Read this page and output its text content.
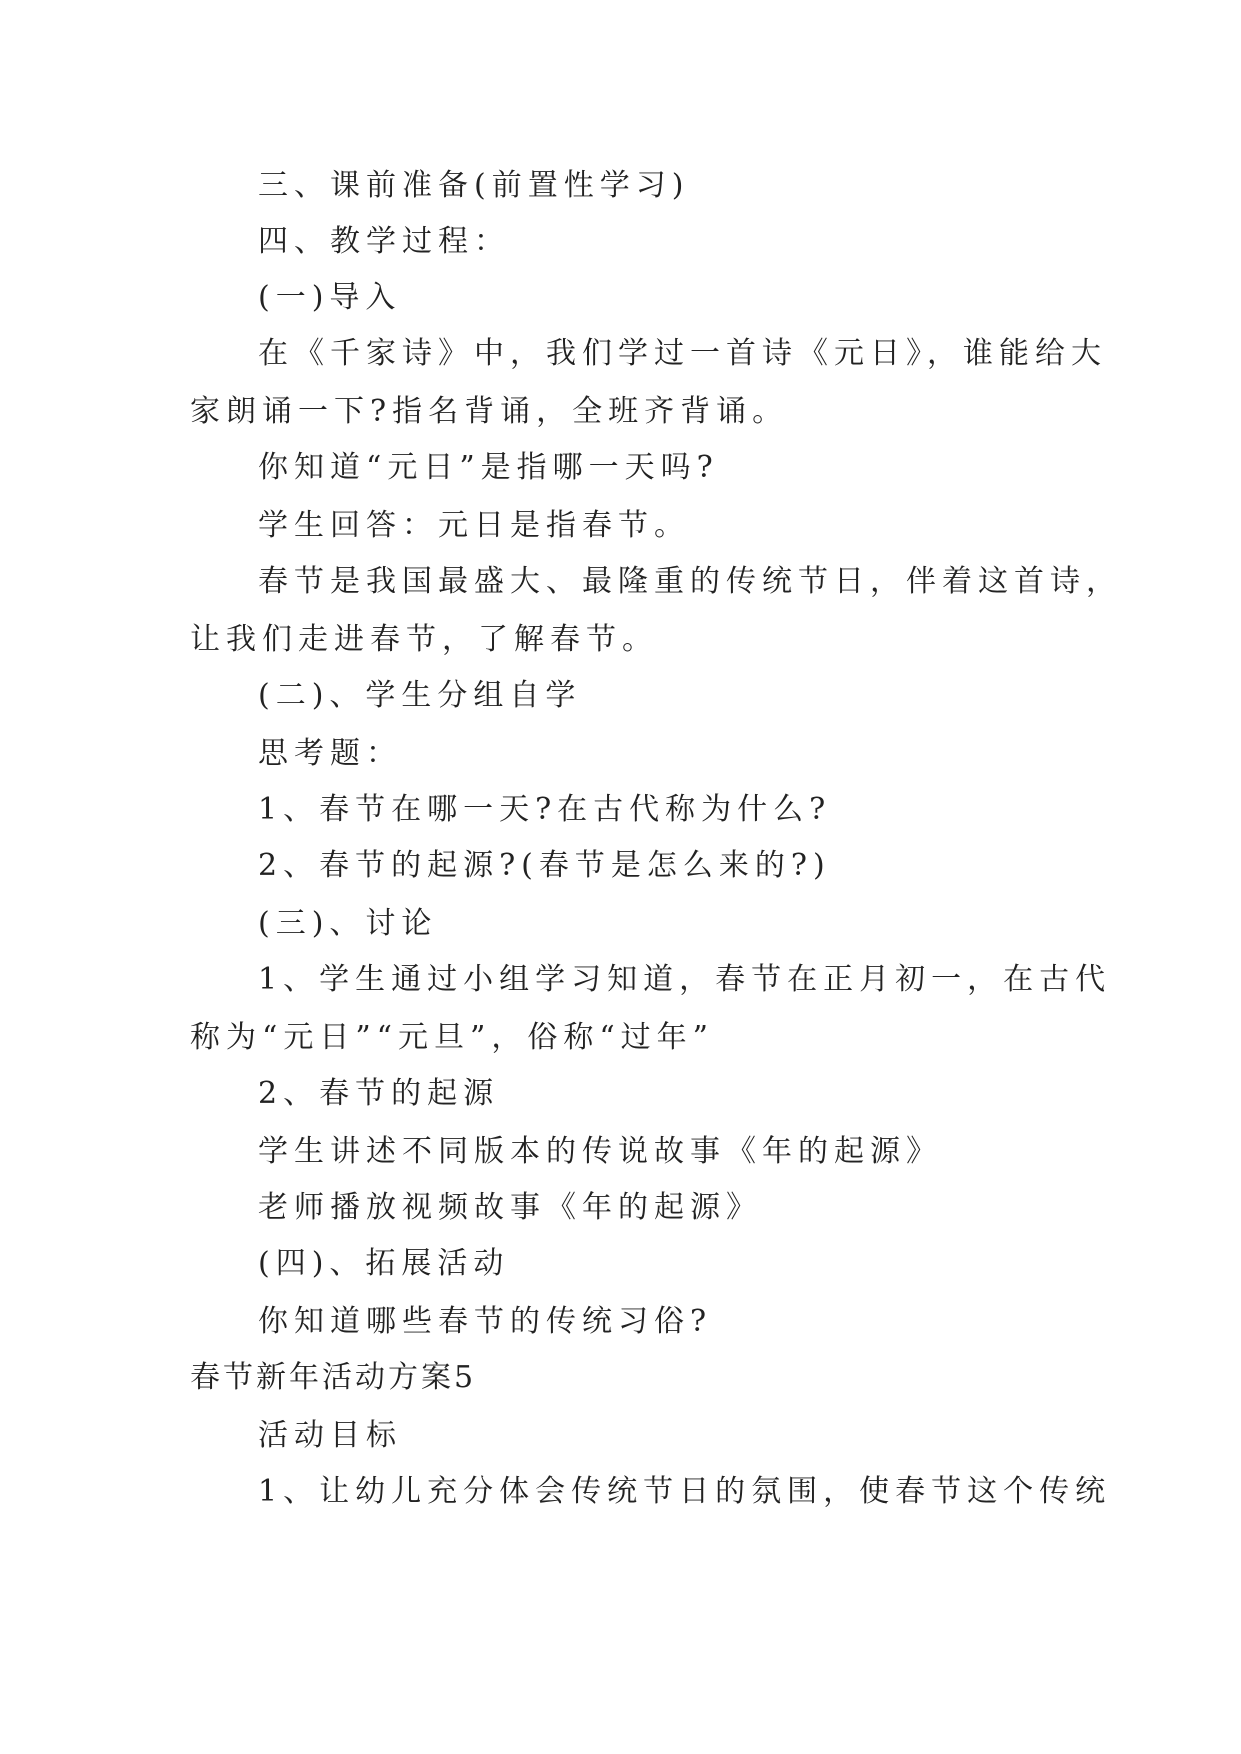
三、课前准备(前置性学习)
四、教学过程：
(一)导入
在《千家诗》中，我们学过一首诗《元日》，谁能给大
家朗诵一下?指名背诵，全班齐背诵。
你知道“元日”是指哪一天吗?
学生回答：元日是指春节。
春节是我国最盛大、最隆重的传统节日，伴着这首诗，
让我们走进春节，了解春节。
(二)、学生分组自学
思考题：
1、春节在哪一天?在古代称为什么?
2、春节的起源?(春节是怎么来的?)
(三)、讨论
1、学生通过小组学习知道，春节在正月初一，在古代
称为“元日”“元旦”，俗称“过年”
2、春节的起源
学生讲述不同版本的传说故事《年的起源》
老师播放视频故事《年的起源》
(四)、拓展活动
你知道哪些春节的传统习俗?
春节新年活动方案5
活动目标
1、让幼儿充分体会传统节日的氛围，使春节这个传统
